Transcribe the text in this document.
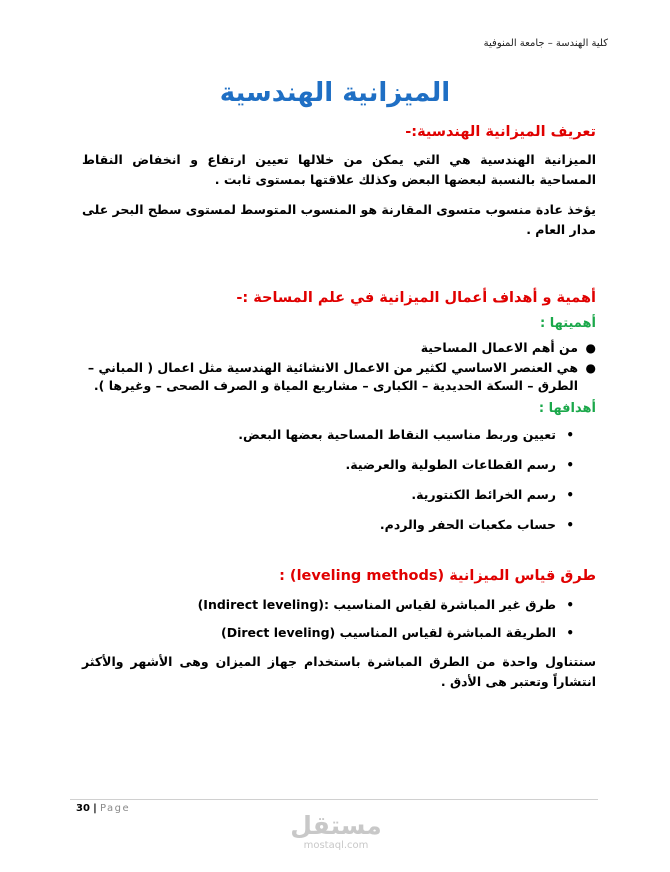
كلية الهندسة – جامعة المنوفية
الميزانية الهندسية
تعريف الميزانية الهندسية:-
الميزانية الهندسية هي التي يمكن من خلالها تعيين ارتفاع و انخفاض النقاط المساحية بالنسبة لبعضها البعض وكذلك علاقتها بمستوى ثابت .
يؤخذ عادة منسوب متسوى المقارنة هو المنسوب المتوسط لمستوى سطح البحر على مدار العام .
أهمية و أهداف أعمال الميزانية في علم المساحة :-
أهميتها :
●
من أهم الاعمال المساحية
●
هي العنصر الاساسي لكثير من الاعمال الانشائية الهندسية مثل اعمال ( المباني – الطرق – السكة الحديدية – الكبارى – مشاريع المياة و الصرف الصحى – وغيرها ).
أهدافها :
•
تعيين وربط مناسيب النقاط المساحية بعضها البعض.
•
رسم القطاعات الطولية والعرضية.
•
رسم الخرائط الكنتورية.
•
حساب مكعبات الحفر والردم.
طرق قياس الميزانية (leveling methods) :
•
طرق غير المباشرة لقياس المناسيب :(Indirect leveling)
•
الطريقة المباشرة لقياس المناسيب (Direct leveling)
سنتناول واحدة من الطرق المباشرة باستخدام جهاز الميزان وهى الأشهر والأكثر انتشاراً وتعتبر هى الأدق .
30 | Page
مستقل
mostaql.com
